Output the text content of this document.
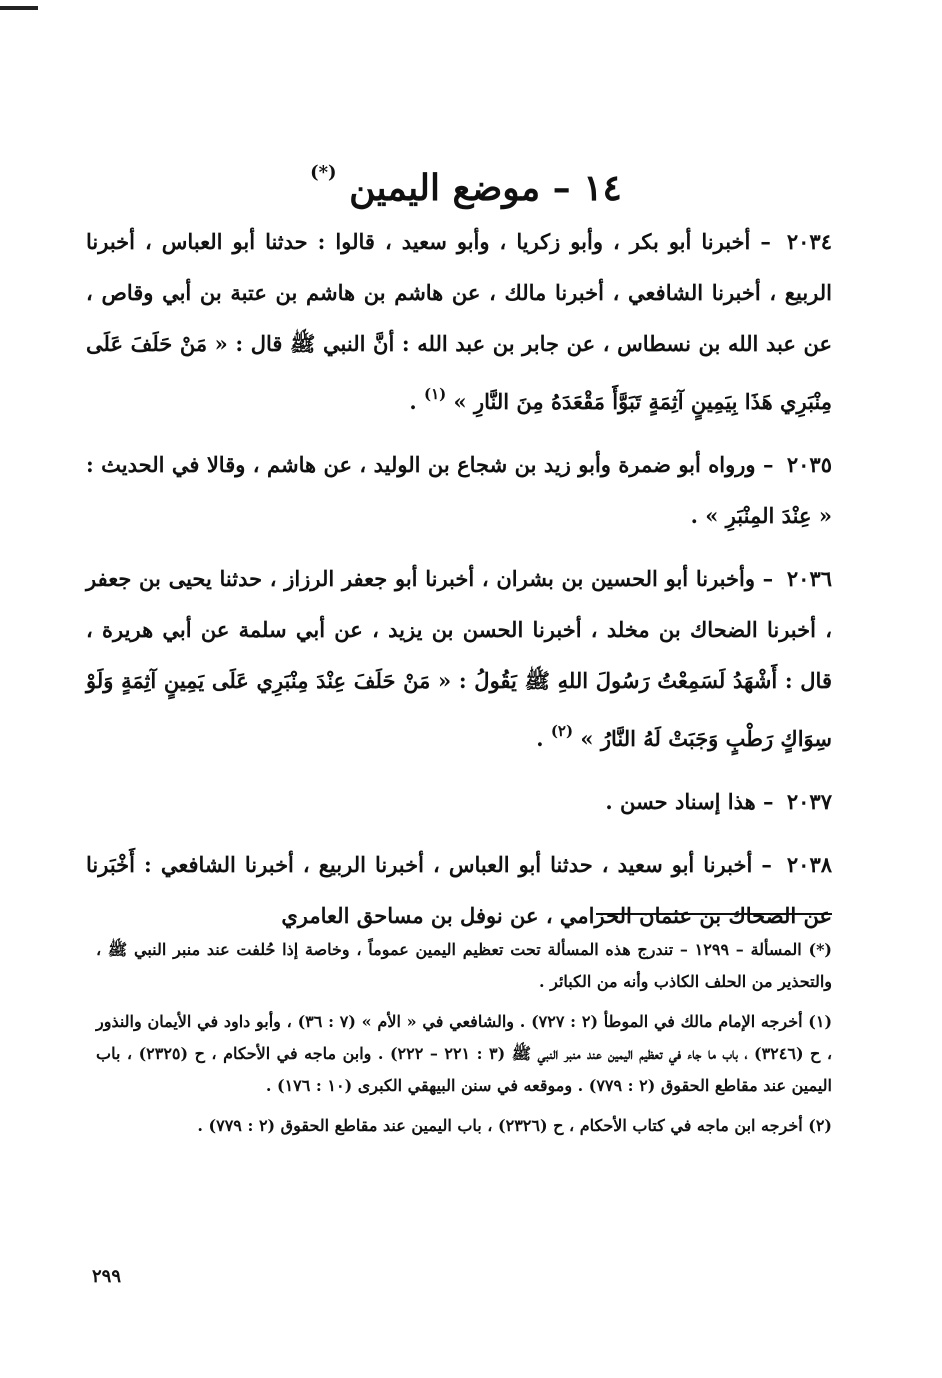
١٤ – موضع اليمين (*)

٢٠٣٤ – أخبرنا أبو بكر ، وأبو زكريا ، وأبو سعيد ، قالوا : حدثنا أبو العباس ، أخبرنا الربيع ، أخبرنا الشافعي ، أخبرنا مالك ، عن هاشم بن هاشم بن عتبة بن أبي وقاص ، عن عبد الله بن نسطاس ، عن جابر بن عبد الله : أنَّ النبي ﷺ قال : « مَنْ حَلَفَ عَلَى مِنْبَرِي هَذَا بِيَمِينٍ آثِمَةٍ تَبَوَّأَ مَقْعَدَهُ مِنَ النَّارِ » $^{(١)}$ .

٢٠٣٥ – ورواه أبو ضمرة وأبو زيد بن شجاع بن الوليد ، عن هاشم ، وقالا في الحديث : « عِنْدَ المِنْبَرِ » .

٢٠٣٦ – وأخبرنا أبو الحسين بن بشران ، أخبرنا أبو جعفر الرزاز ، حدثنا يحيى بن جعفر ، أخبرنا الضحاك بن مخلد ، أخبرنا الحسن بن يزيد ، عن أبي سلمة عن أبي هريرة ، قال : أَشْهَدُ لَسَمِعْتُ رَسُولَ اللهِ ﷺ يَقُولُ : « مَنْ حَلَفَ عِنْدَ مِنْبَرِي عَلَى يَمِينٍ آثِمَةٍ وَلَوْ سِوَاكٍ رَطْبٍ وَجَبَتْ لَهُ النَّارُ » $^{(٢)}$ .

٢٠٣٧ – هذا إسناد حسن .

٢٠٣٨ – أخبرنا أبو سعيد ، حدثنا أبو العباس ، أخبرنا الربيع ، أخبرنا الشافعي : أَخْبَرنا عن الضحاك بن عثمان الحزامي ، عن نوفل بن مساحق العامري

(*) المسألة – ١٢٩٩ – تندرج هذه المسألة تحت تعظيم اليمين عموماً ، وخاصة إذا حُلفت عند منبر النبي ﷺ ، والتحذير من الحلف الكاذب وأنه من الكبائر .

(١) أخرجه الإمام مالك في الموطأ (٢ : ٧٢٧) . والشافعي في « الأم » (٧ : ٣٦) ، وأبو داود في الأيمان والنذور ، ح (٣٢٤٦) ، باب ما جاء في تعظيم اليمين عند منبر النبي ﷺ (٣ : ٢٢١ – ٢٢٢) . وابن ماجه في الأحكام ، ح (٢٣٢٥) ، باب اليمين عند مقاطع الحقوق (٢ : ٧٧٩) . وموقعه في سنن البيهقي الكبرى (١٠ : ١٧٦) .

(٢) أخرجه ابن ماجه في كتاب الأحكام ، ح (٢٣٢٦) ، باب اليمين عند مقاطع الحقوق (٢ : ٧٧٩) .

٢٩٩
